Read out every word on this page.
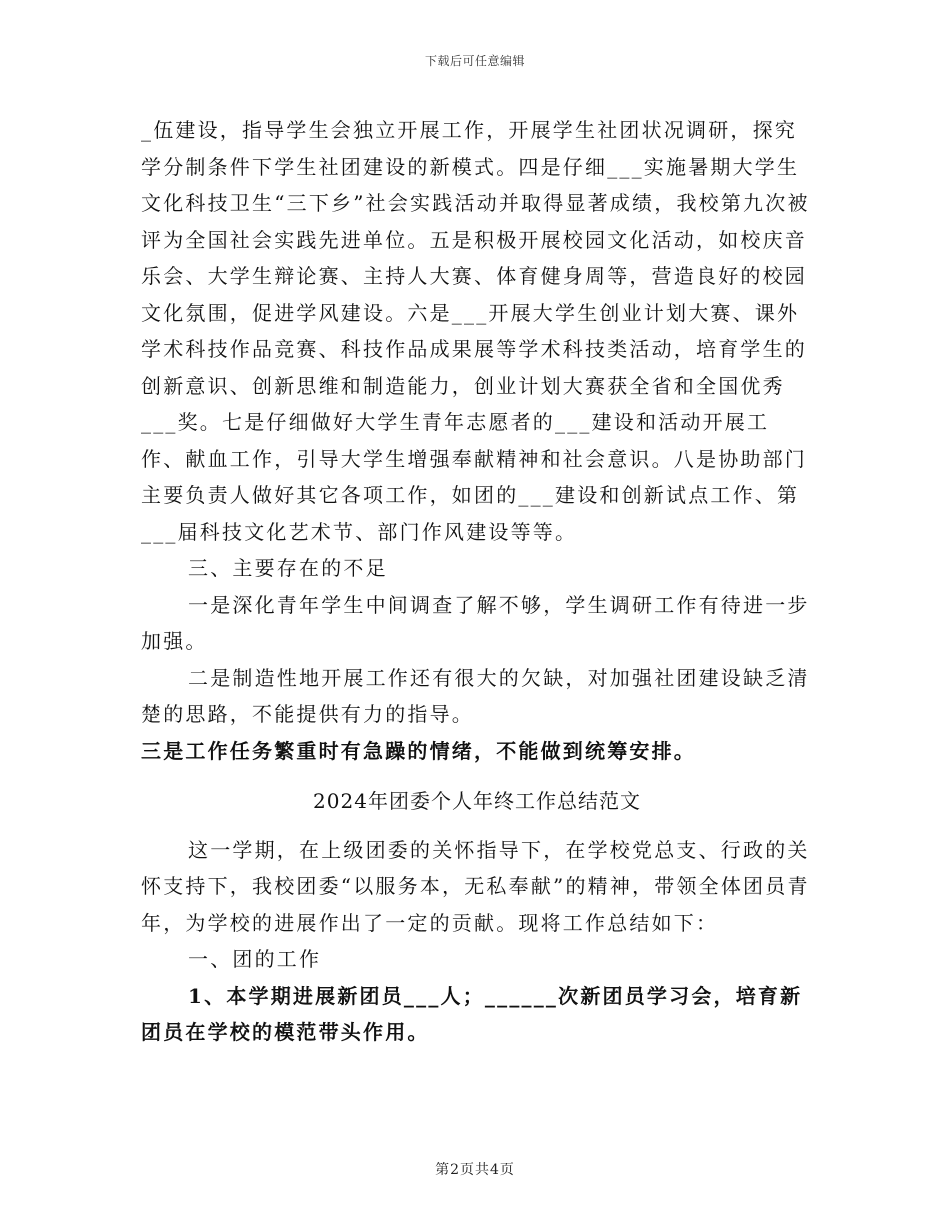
下载后可任意编辑

_伍建设，指导学生会独立开展工作，开展学生社团状况调研，探究学分制条件下学生社团建设的新模式。四是仔细___实施暑期大学生文化科技卫生“三下乡”社会实践活动并取得显著成绩，我校第九次被评为全国社会实践先进单位。五是积极开展校园文化活动，如校庆音乐会、大学生辩论赛、主持人大赛、体育健身周等，营造良好的校园文化氛围，促进学风建设。六是___开展大学生创业计划大赛、课外学术科技作品竞赛、科技作品成果展等学术科技类活动，培育学生的创新意识、创新思维和制造能力，创业计划大赛获全省和全国优秀___奖。七是仔细做好大学生青年志愿者的___建设和活动开展工作、献血工作，引导大学生增强奉献精神和社会意识。八是协助部门主要负责人做好其它各项工作，如团的___建设和创新试点工作、第___届科技文化艺术节、部门作风建设等等。

三、主要存在的不足

一是深化青年学生中间调查了解不够，学生调研工作有待进一步加强。

二是制造性地开展工作还有很大的欠缺，对加强社团建设缺乏清楚的思路，不能提供有力的指导。

三是工作任务繁重时有急躁的情绪，不能做到统筹安排。

2024年团委个人年终工作总结范文

这一学期，在上级团委的关怀指导下，在学校党总支、行政的关怀支持下，我校团委“以服务本，无私奉献”的精神，带领全体团员青年，为学校的进展作出了一定的贡献。现将工作总结如下：

一、团的工作

1、本学期进展新团员___人；______次新团员学习会，培育新团员在学校的模范带头作用。

第2页共4页
